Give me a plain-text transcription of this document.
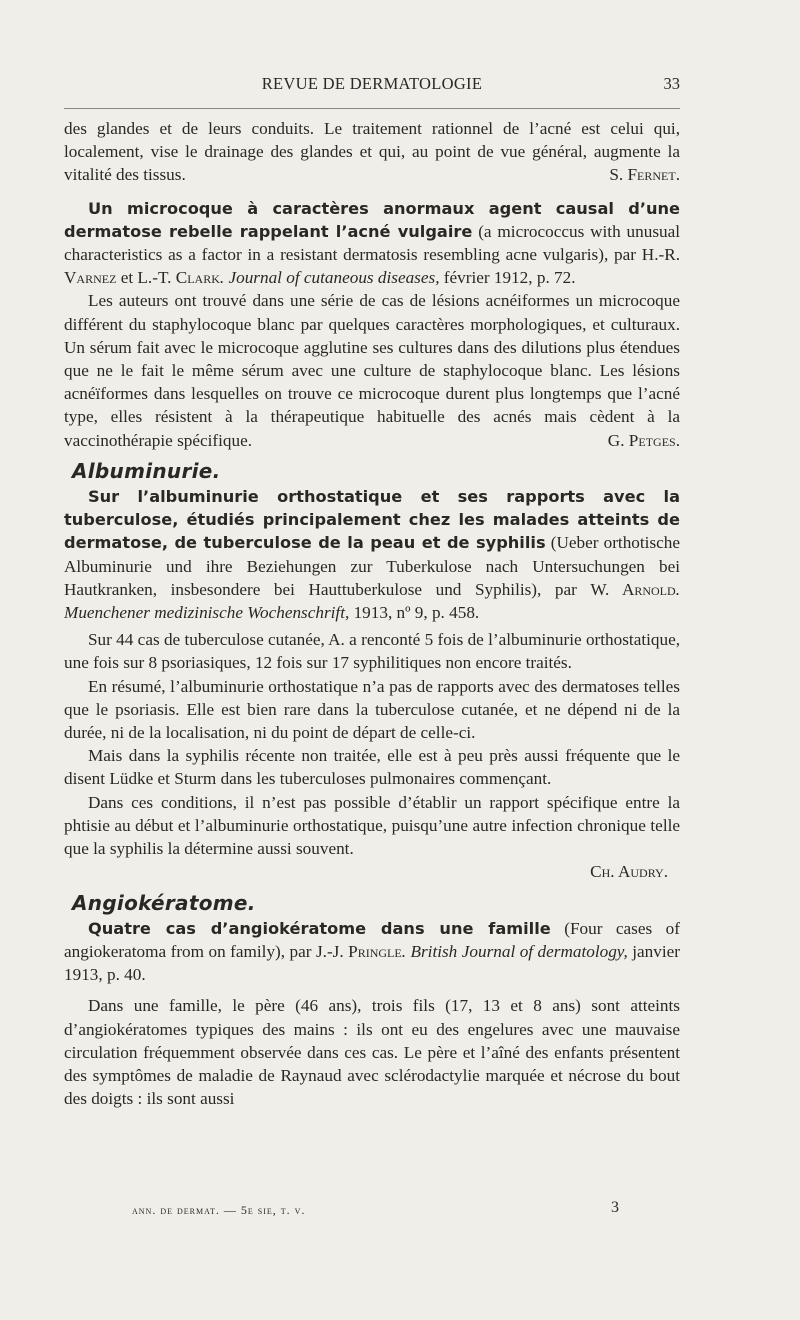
REVUE DE DERMATOLOGIE	33

des glandes et de leurs conduits. Le traitement rationnel de l’acné est celui qui, localement, vise le drainage des glandes et qui, au point de vue général, augmente la vitalité des tissus.	S. Fernet.

Un microcoque à caractères anormaux agent causal d’une dermatose rebelle rappelant l’acné vulgaire (a micrococcus with unusual characteristics as a factor in a resistant dermatosis resembling acne vulgaris), par H.-R. Varnez et L.-T. Clark. Journal of cutaneous diseases, février 1912, p. 72.

Les auteurs ont trouvé dans une série de cas de lésions acnéiformes un microcoque différent du staphylocoque blanc par quelques caractères morphologiques, et culturaux. Un sérum fait avec le microcoque agglutine ses cultures dans des dilutions plus étendues que ne le fait le même sérum avec une culture de staphylocoque blanc. Les lésions acnéïformes dans lesquelles on trouve ce microcoque durent plus longtemps que l’acné type, elles résistent à la thérapeutique habituelle des acnés mais cèdent à la vaccinothérapie spécifique.	G. Petges.

Albuminurie.

Sur l’albuminurie orthostatique et ses rapports avec la tuberculose, étudiés principalement chez les malades atteints de dermatose, de tuberculose de la peau et de syphilis (Ueber orthotische Albuminurie und ihre Beziehungen zur Tuberkulose nach Untersuchungen bei Hautkranken, insbesondere bei Hauttuberkulose und Syphilis), par W. Arnold. Muenchener medizinische Wochenschrift, 1913, nº 9, p. 458.

Sur 44 cas de tuberculose cutanée, A. a renconté 5 fois de l’albuminurie orthostatique, une fois sur 8 psoriasiques, 12 fois sur 17 syphilitiques non encore traités.

En résumé, l’albuminurie orthostatique n’a pas de rapports avec des dermatoses telles que le psoriasis. Elle est bien rare dans la tuberculose cutanée, et ne dépend ni de la durée, ni de la localisation, ni du point de départ de celle-ci.

Mais dans la syphilis récente non traitée, elle est à peu près aussi fréquente que le disent Lüdke et Sturm dans les tuberculoses pulmonaires commençant.

Dans ces conditions, il n’est pas possible d’établir un rapport spécifique entre la phtisie au début et l’albuminurie orthostatique, puisqu’une autre infection chronique telle que la syphilis la détermine aussi souvent.

Ch. Audry.

Angiokératome.

Quatre cas d’angiokératome dans une famille (Four cases of angiokeratoma from on family), par J.-J. Pringle. British Journal of dermatology, janvier 1913, p. 40.

Dans une famille, le père (46 ans), trois fils (17, 13 et 8 ans) sont atteints d’angiokératomes typiques des mains : ils ont eu des engelures avec une mauvaise circulation fréquemment observée dans ces cas. Le père et l’aîné des enfants présentent des symptômes de maladie de Raynaud avec sclérodactylie marquée et nécrose du bout des doigts : ils sont aussi

ann. de dermat. — 5e sie, t. v.	3
